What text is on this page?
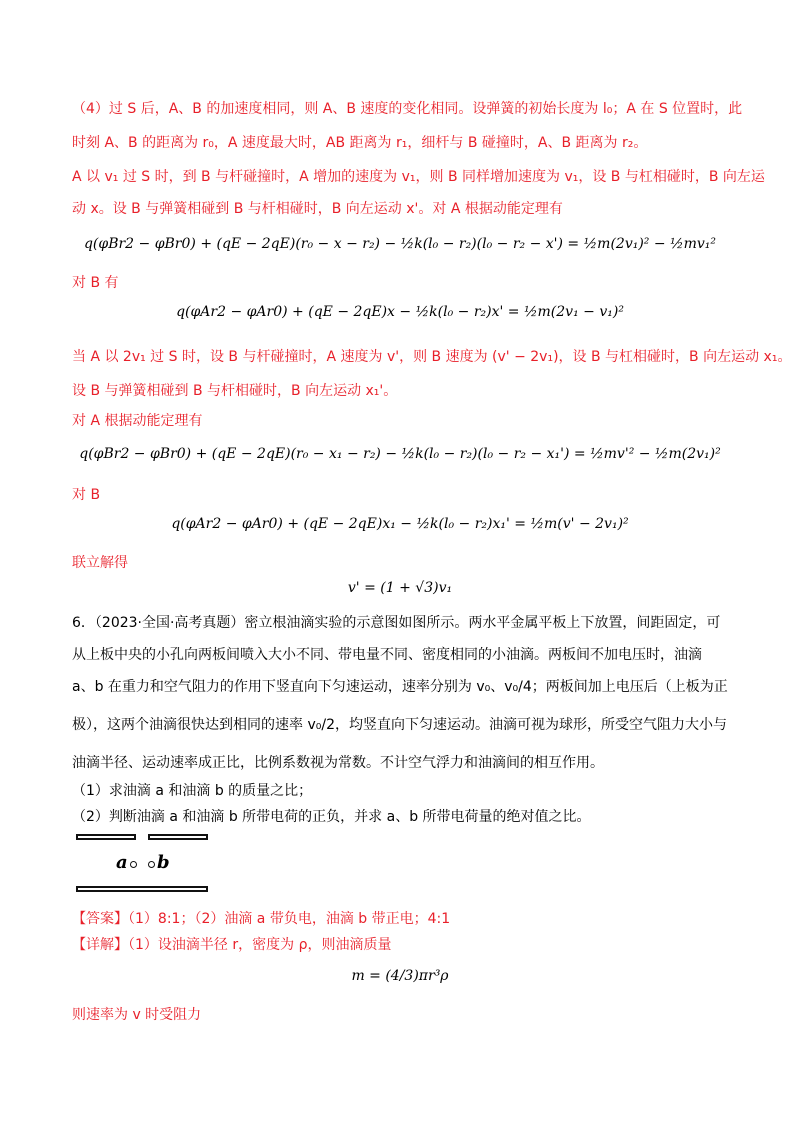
（4）过 S 后，A、B 的加速度相同，则 A、B 速度的变化相同。设弹簧的初始长度为 l₀；A 在 S 位置时，此
时刻 A、B 的距离为 r₀，A 速度最大时，AB 距离为 r₁，细杆与 B 碰撞时，A、B 距离为 r₂。
A 以 v₁ 过 S 时，到 B 与杆碰撞时，A 增加的速度为 v₁，则 B 同样增加速度为 v₁，设 B 与杠相碰时，B 向左运
动 x。设 B 与弹簧相碰到 B 与杆相碰时，B 向左运动 x'。对 A 根据动能定理有
q(φBr2 − φBr0) + (qE − 2qE)(r₀ − x − r₂) − ½k(l₀ − r₂)(l₀ − r₂ − x') = ½m(2v₁)² − ½mv₁²
对 B 有
q(φAr2 − φAr0) + (qE − 2qE)x − ½k(l₀ − r₂)x' = ½m(2v₁ − v₁)²
当 A 以 2v₁ 过 S 时，设 B 与杆碰撞时，A 速度为 v'，则 B 速度为 (v' − 2v₁)，设 B 与杠相碰时，B 向左运动 x₁。
设 B 与弹簧相碰到 B 与杆相碰时，B 向左运动 x₁'。
对 A 根据动能定理有
q(φBr2 − φBr0) + (qE − 2qE)(r₀ − x₁ − r₂) − ½k(l₀ − r₂)(l₀ − r₂ − x₁') = ½mv'² − ½m(2v₁)²
对 B
q(φAr2 − φAr0) + (qE − 2qE)x₁ − ½k(l₀ − r₂)x₁' = ½m(v' − 2v₁)²
联立解得
v' = (1 + √3)v₁
6．（2023·全国·高考真题）密立根油滴实验的示意图如图所示。两水平金属平板上下放置，间距固定，可
从上板中央的小孔向两板间喷入大小不同、带电量不同、密度相同的小油滴。两板间不加电压时，油滴
a、b 在重力和空气阻力的作用下竖直向下匀速运动，速率分别为 v₀、v₀/4；两板间加上电压后（上板为正
极），这两个油滴很快达到相同的速率 v₀/2，均竖直向下匀速运动。油滴可视为球形，所受空气阻力大小与
油滴半径、运动速率成正比，比例系数视为常数。不计空气浮力和油滴间的相互作用。
（1）求油滴 a 和油滴 b 的质量之比；
（2）判断油滴 a 和油滴 b 所带电荷的正负，并求 a、b 所带电荷量的绝对值之比。
a b
【答案】（1）8:1；（2）油滴 a 带负电，油滴 b 带正电；4:1
【详解】（1）设油滴半径 r，密度为 ρ，则油滴质量
m = (4/3)πr³ρ
则速率为 v 时受阻力
